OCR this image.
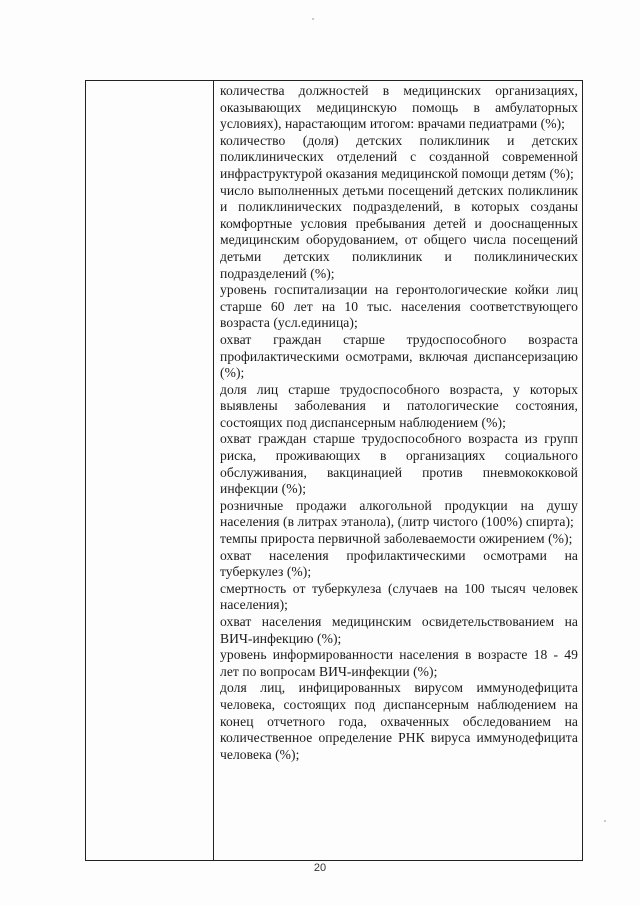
количества должностей в медицинских организациях, оказывающих медицинскую помощь в амбулаторных условиях), нарастающим итогом: врачами педиатрами (%);

количество (доля) детских поликлиник и детских поликлинических отделений с созданной современной инфраструктурой оказания медицинской помощи детям (%);

число выполненных детьми посещений детских поликлиник и поликлинических подразделений, в которых созданы комфортные условия пребывания детей и дооснащенных медицинским оборудованием, от общего числа посещений детьми детских поликлиник и поликлинических подразделений (%);

уровень госпитализации на геронтологические койки лиц старше 60 лет на 10 тыс. населения соответствующего возраста (усл.единица);

охват граждан старше трудоспособного возраста профилактическими осмотрами, включая диспансеризацию (%);

доля лиц старше трудоспособного возраста, у которых выявлены заболевания и патологические состояния, состоящих под диспансерным наблюдением (%);

охват граждан старше трудоспособного возраста из групп риска, проживающих в организациях социального обслуживания, вакцинацией против пневмококковой инфекции (%);

розничные продажи алкогольной продукции на душу населения (в литрах этанола), (литр чистого (100%) спирта);

темпы прироста первичной заболеваемости ожирением (%);

охват населения профилактическими осмотрами на туберкулез (%);

смертность от туберкулеза (случаев на 100 тысяч человек населения);

охват населения медицинским освидетельствованием на ВИЧ-инфекцию (%);

уровень информированности населения в возрасте 18 - 49 лет по вопросам ВИЧ-инфекции (%);

доля лиц, инфицированных вирусом иммунодефицита человека, состоящих под диспансерным наблюдением на конец отчетного года, охваченных обследованием на количественное определение РНК вируса иммунодефицита человека (%);

20
